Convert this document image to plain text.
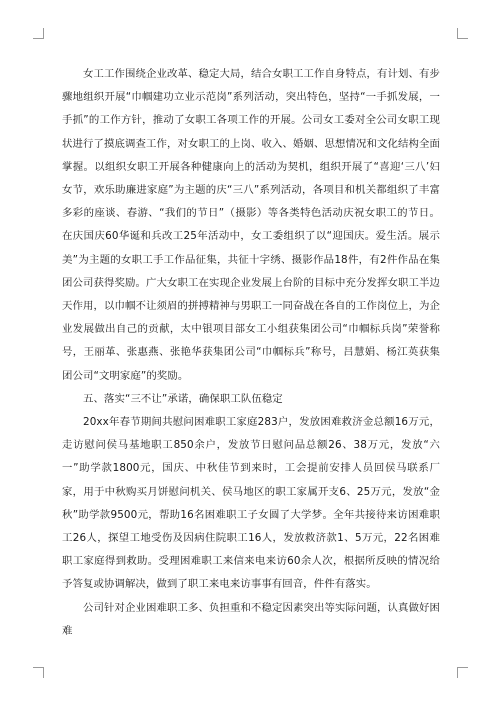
女工工作围绕企业改革、稳定大局，结合女职工工作自身特点，有计划、有步骤地组织开展“巾帼建功立业示范岗”系列活动，突出特色，坚持“一手抓发展，一手抓”的工作方针，推动了女职工各项工作的开展。公司女工委对全公司女职工现状进行了摸底调查工作，对女职工的上岗、收入、婚姻、思想情况和文化结构全面掌握。以组织女职工开展各种健康向上的活动为契机，组织开展了“喜迎‘三八’妇女节，欢乐助廉进家庭”为主题的庆“三八”系列活动，各项目和机关都组织了丰富多彩的座谈、春游、“我们的节日”（摄影）等各类特色活动庆祝女职工的节日。在庆国庆60华诞和兵改工25年活动中，女工委组织了以“迎国庆。爱生活。展示美”为主题的女职工手工作品征集，共征十字绣、摄影作品18件，有2件作品在集团公司获得奖励。广大女职工在实现企业发展上台阶的目标中充分发挥女职工半边天作用，以巾帼不让须眉的拼搏精神与男职工一同奋战在各自的工作岗位上，为企业发展做出自己的贡献，太中银项目部女工小组获集团公司“巾帼标兵岗”荣誉称号，王丽革、张惠燕、张艳华获集团公司“巾帼标兵”称号，吕慧娟、杨江英获集团公司“文明家庭”的奖励。

五、落实“三不让”承诺，确保职工队伍稳定

20xx年春节期间共慰问困难职工家庭283户，发放困难救济金总额16万元，走访慰问侯马基地职工850余户，发放节日慰问品总额26、38万元，发放“六一”助学款1800元，国庆、中秋佳节到来时，工会提前安排人员回侯马联系厂家，用于中秋购买月饼慰问机关、侯马地区的职工家属开支6、25万元，发放“金秋”助学款9500元，帮助16名困难职工子女圆了大学梦。全年共接待来访困难职工26人，探望工地受伤及因病住院职工16人，发放救济款1、5万元，22名困难职工家庭得到救助。受理困难职工来信来电来访60余人次，根据所反映的情况给予答复或协调解决，做到了职工来电来访事事有回音，件件有落实。

公司针对企业困难职工多、负担重和不稳定因素突出等实际问题，认真做好困难
